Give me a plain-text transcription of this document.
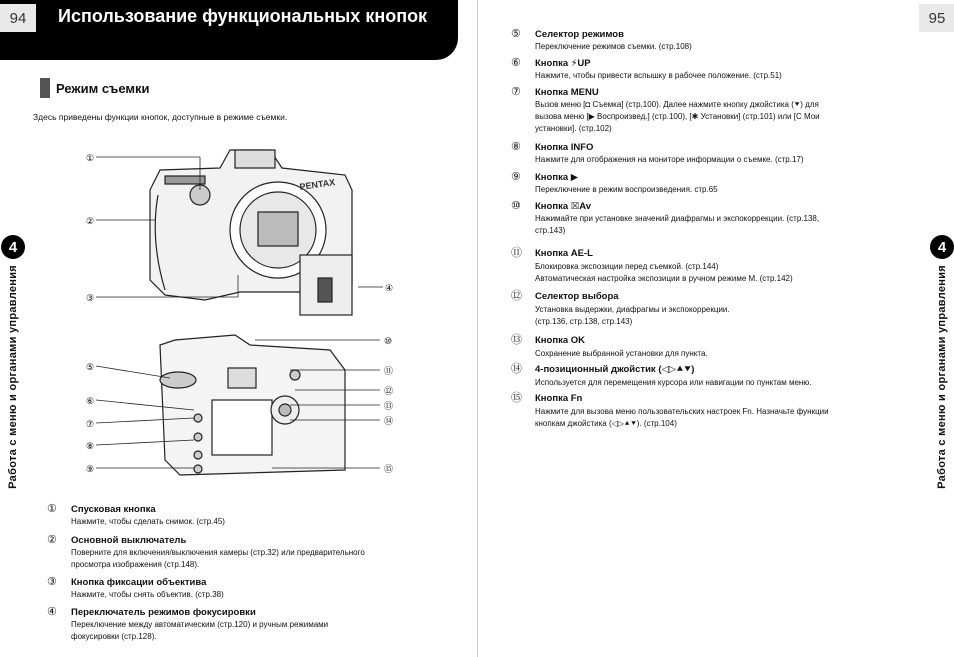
94	Использование функциональных кнопок
4
Работа с меню и органами управления
Режим съемки
Здесь приведены функции кнопок, доступные в режиме съемки.
PENTAX
①
②
③
④
⑤
⑥
⑦
⑧
⑨
⑩
⑪
⑫
⑬
⑭
⑮
①	Спусковая кнопка
Нажмите, чтобы сделать снимок. (стр.45)
②	Основной выключатель
Поверните для включения/выключения камеры (стр.32) или предварительного
просмотра изображения (стр.148).
③	Кнопка фиксации объектива
Нажмите, чтобы снять объектив. (стр.38)
④	Переключатель режимов фокусировки
Переключение между автоматическим (стр.120) и ручным режимами
фокусировки (стр.128).
95
4
Работа с меню и органами управления
⑤	Селектор режимов
Переключение режимов съемки. (стр.108)
⑥	Кнопка ⚡UP
Нажмите, чтобы привести вспышку в рабочее положение. (стр.51)
⑦	Кнопка MENU
Вызов меню [◘ Съемка] (стр.100). Далее нажмите кнопку джойстика (⯆) для
вызова меню [▶ Воспроизвед.] (стр.100), [✱ Установки] (стр.101) или [C Мои
установки]. (стр.102)
⑧	Кнопка INFO
Нажмите для отображения на мониторе информации о съемке. (стр.17)
⑨	Кнопка ▶
Переключение в режим воспроизведения. стр.65
⑩	Кнопка ☒Av
Нажимайте при установке значений диафрагмы и экспокоррекции. (стр.138,
стр.143)
⑪	Кнопка AE-L
Блокировка экспозиции перед съемкой. (стр.144)
Автоматическая настройка экспозиции в ручном режиме M. (стр.142)
⑫	Селектор выбора
Установка выдержки, диафрагмы и экспокоррекции.
(стр.136, стр.138, стр.143)
⑬	Кнопка OK
Сохранение выбранной установки для пункта.
⑭	4-позиционный джойстик (◁▷⯅⯆)
Используется для перемещения курсора или навигации по пунктам меню.
⑮	Кнопка Fn
Нажмите для вызова меню пользовательских настроек Fn. Назначьте функции
кнопкам джойстика (◁▷⯅⯆). (стр.104)
